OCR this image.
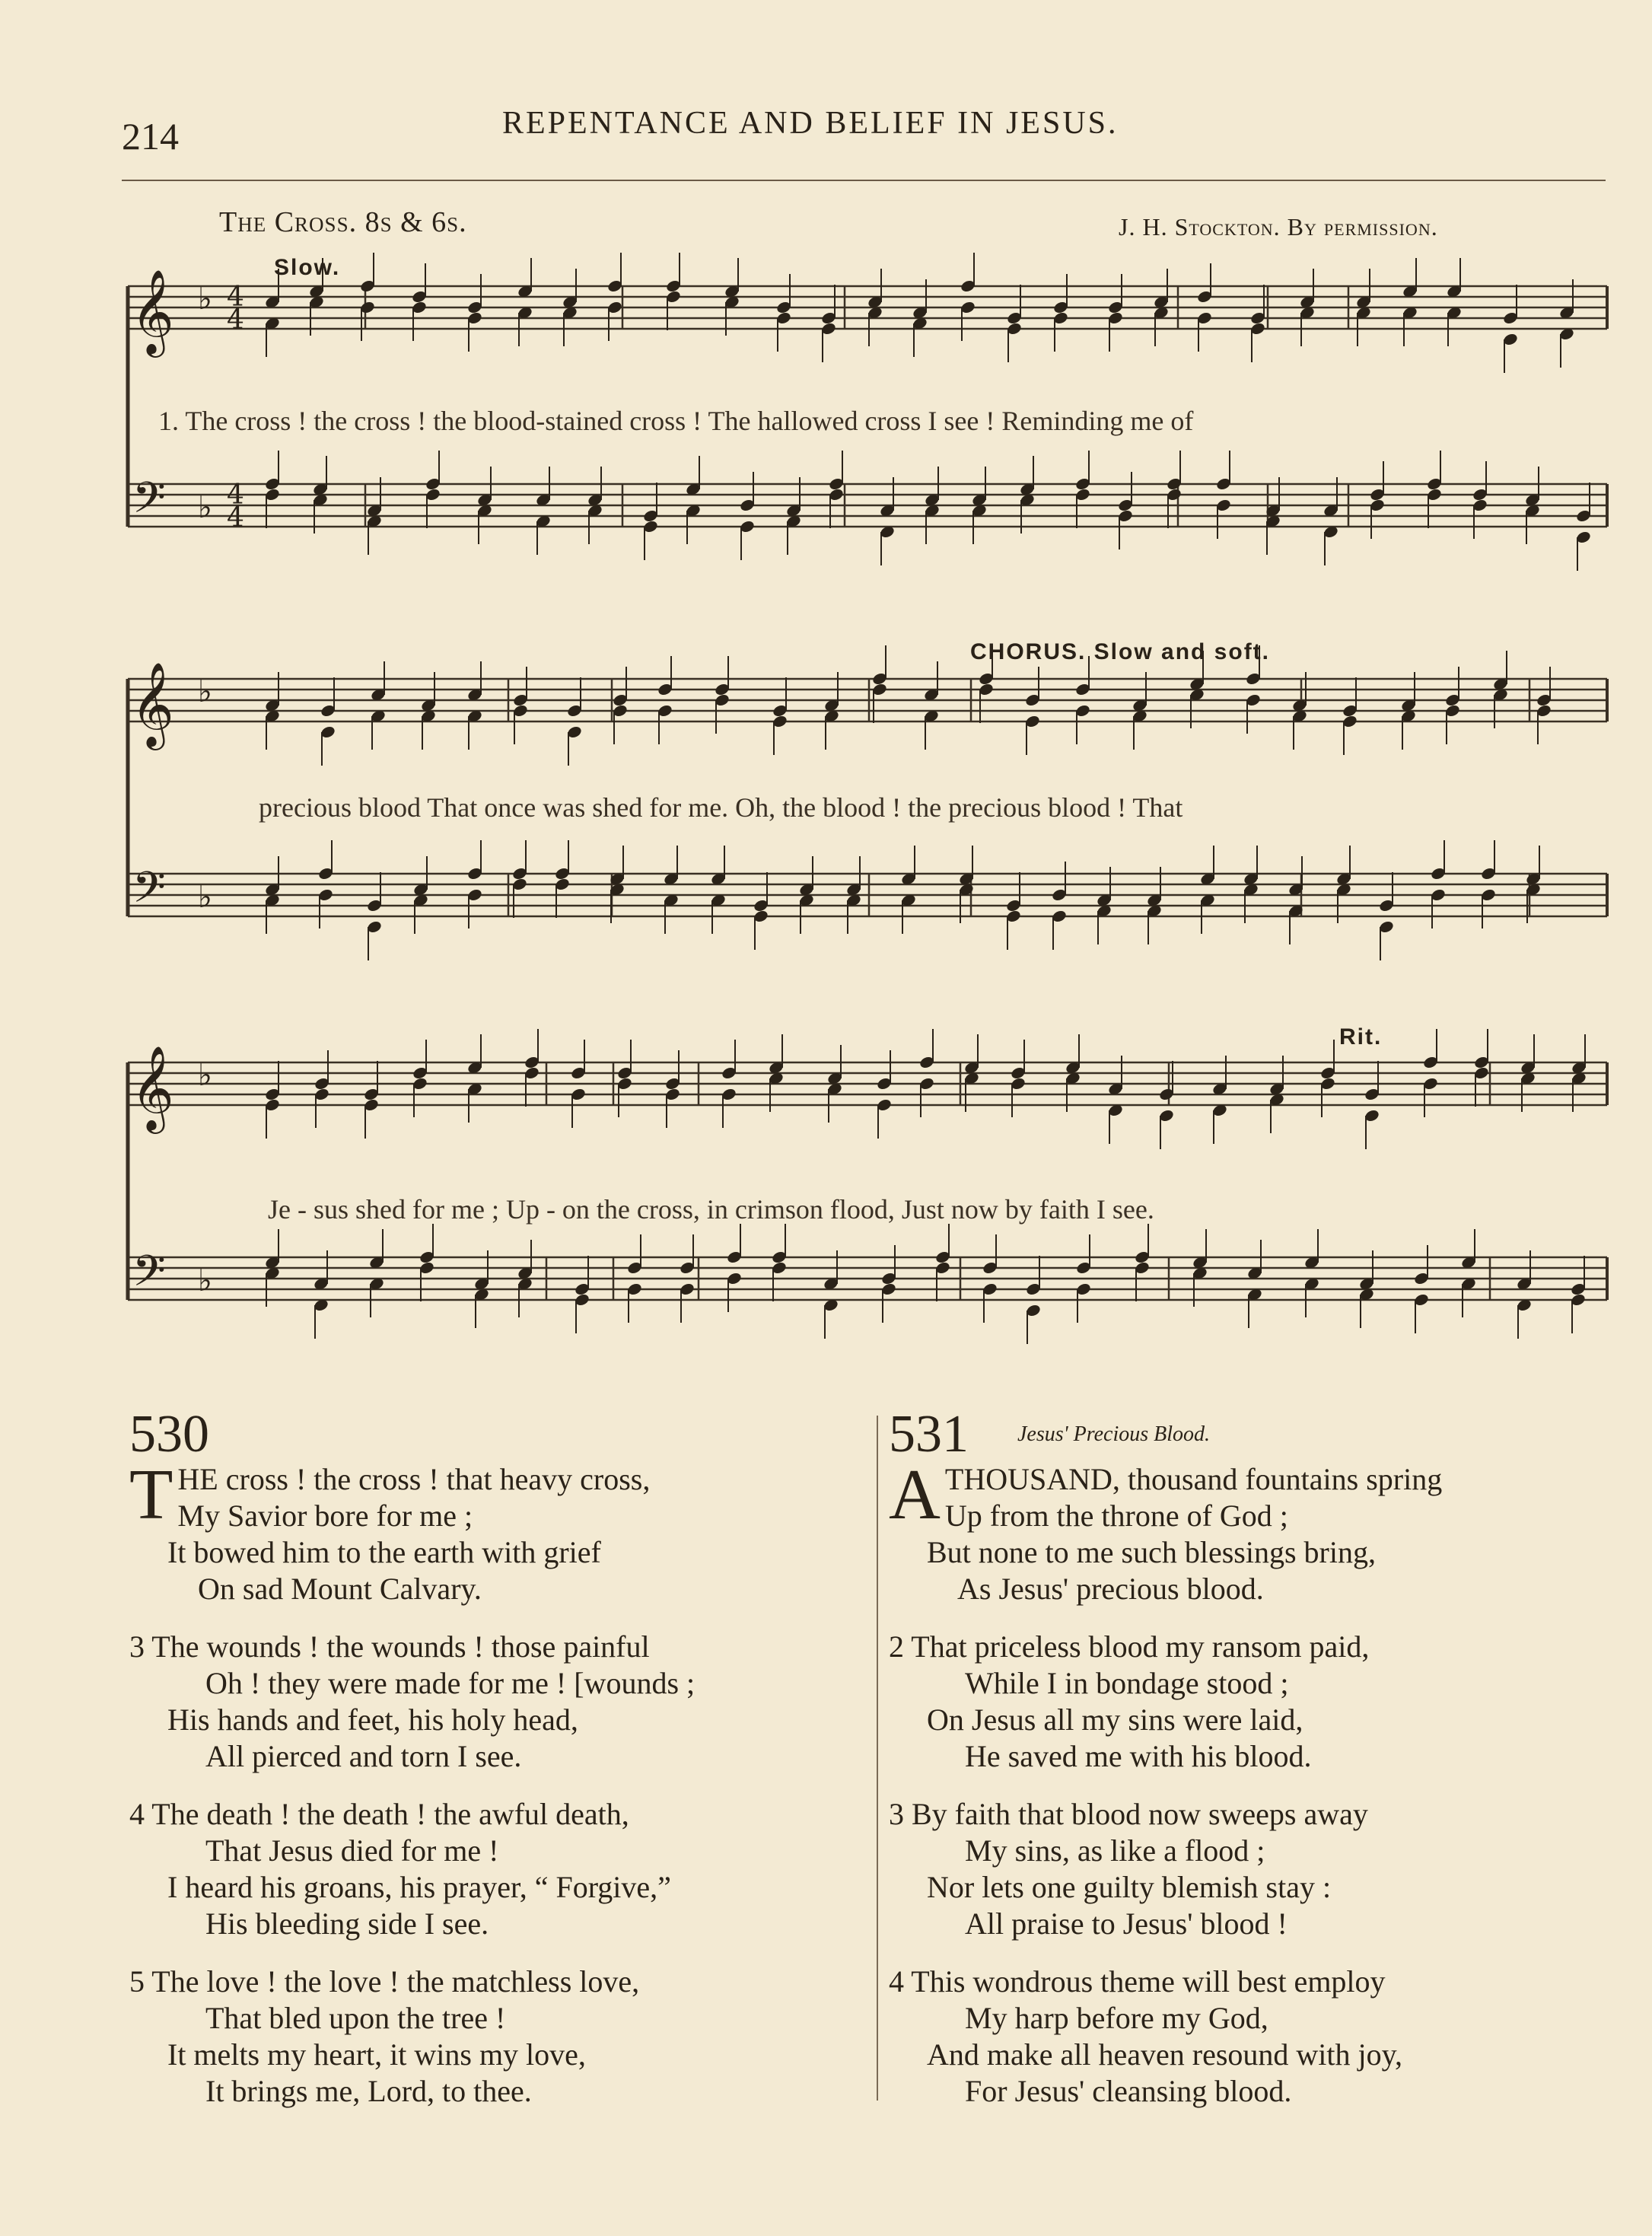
214	REPENTANCE AND BELIEF IN JESUS.
The Cross. 8s & 6s.	J. H. Stockton. By permission.
𝄞
𝄢
♭
♭
4
4
4
4
𝄞
𝄢
♭
♭
𝄞
𝄢
♭
♭
Slow.
CHORUS. Slow and soft.
Rit.
1. The cross ! the cross ! the blood-stained cross ! The hallowed cross I see ! Reminding me of
precious blood That once was shed for me. Oh, the blood ! the precious blood ! That
Je - sus shed for me ; Up - on the cross, in crimson flood, Just now by faith I see.
530
T HE cross ! the cross ! that heavy cross,
My Savior bore for me ;
It bowed him to the earth with grief
On sad Mount Calvary.
3 The wounds ! the wounds ! those painful
Oh ! they were made for me ! [wounds ;
His hands and feet, his holy head,
All pierced and torn I see.
4 The death ! the death ! the awful death,
That Jesus died for me !
I heard his groans, his prayer, “ Forgive,”
His bleeding side I see.
5 The love ! the love ! the matchless love,
That bled upon the tree !
It melts my heart, it wins my love,
It brings me, Lord, to thee.
531 Jesus' Precious Blood.
A THOUSAND, thousand fountains spring
Up from the throne of God ;
But none to me such blessings bring,
As Jesus' precious blood.
2 That priceless blood my ransom paid,
While I in bondage stood ;
On Jesus all my sins were laid,
He saved me with his blood.
3 By faith that blood now sweeps away
My sins, as like a flood ;
Nor lets one guilty blemish stay :
All praise to Jesus' blood !
4 This wondrous theme will best employ
My harp before my God,
And make all heaven resound with joy,
For Jesus' cleansing blood.
